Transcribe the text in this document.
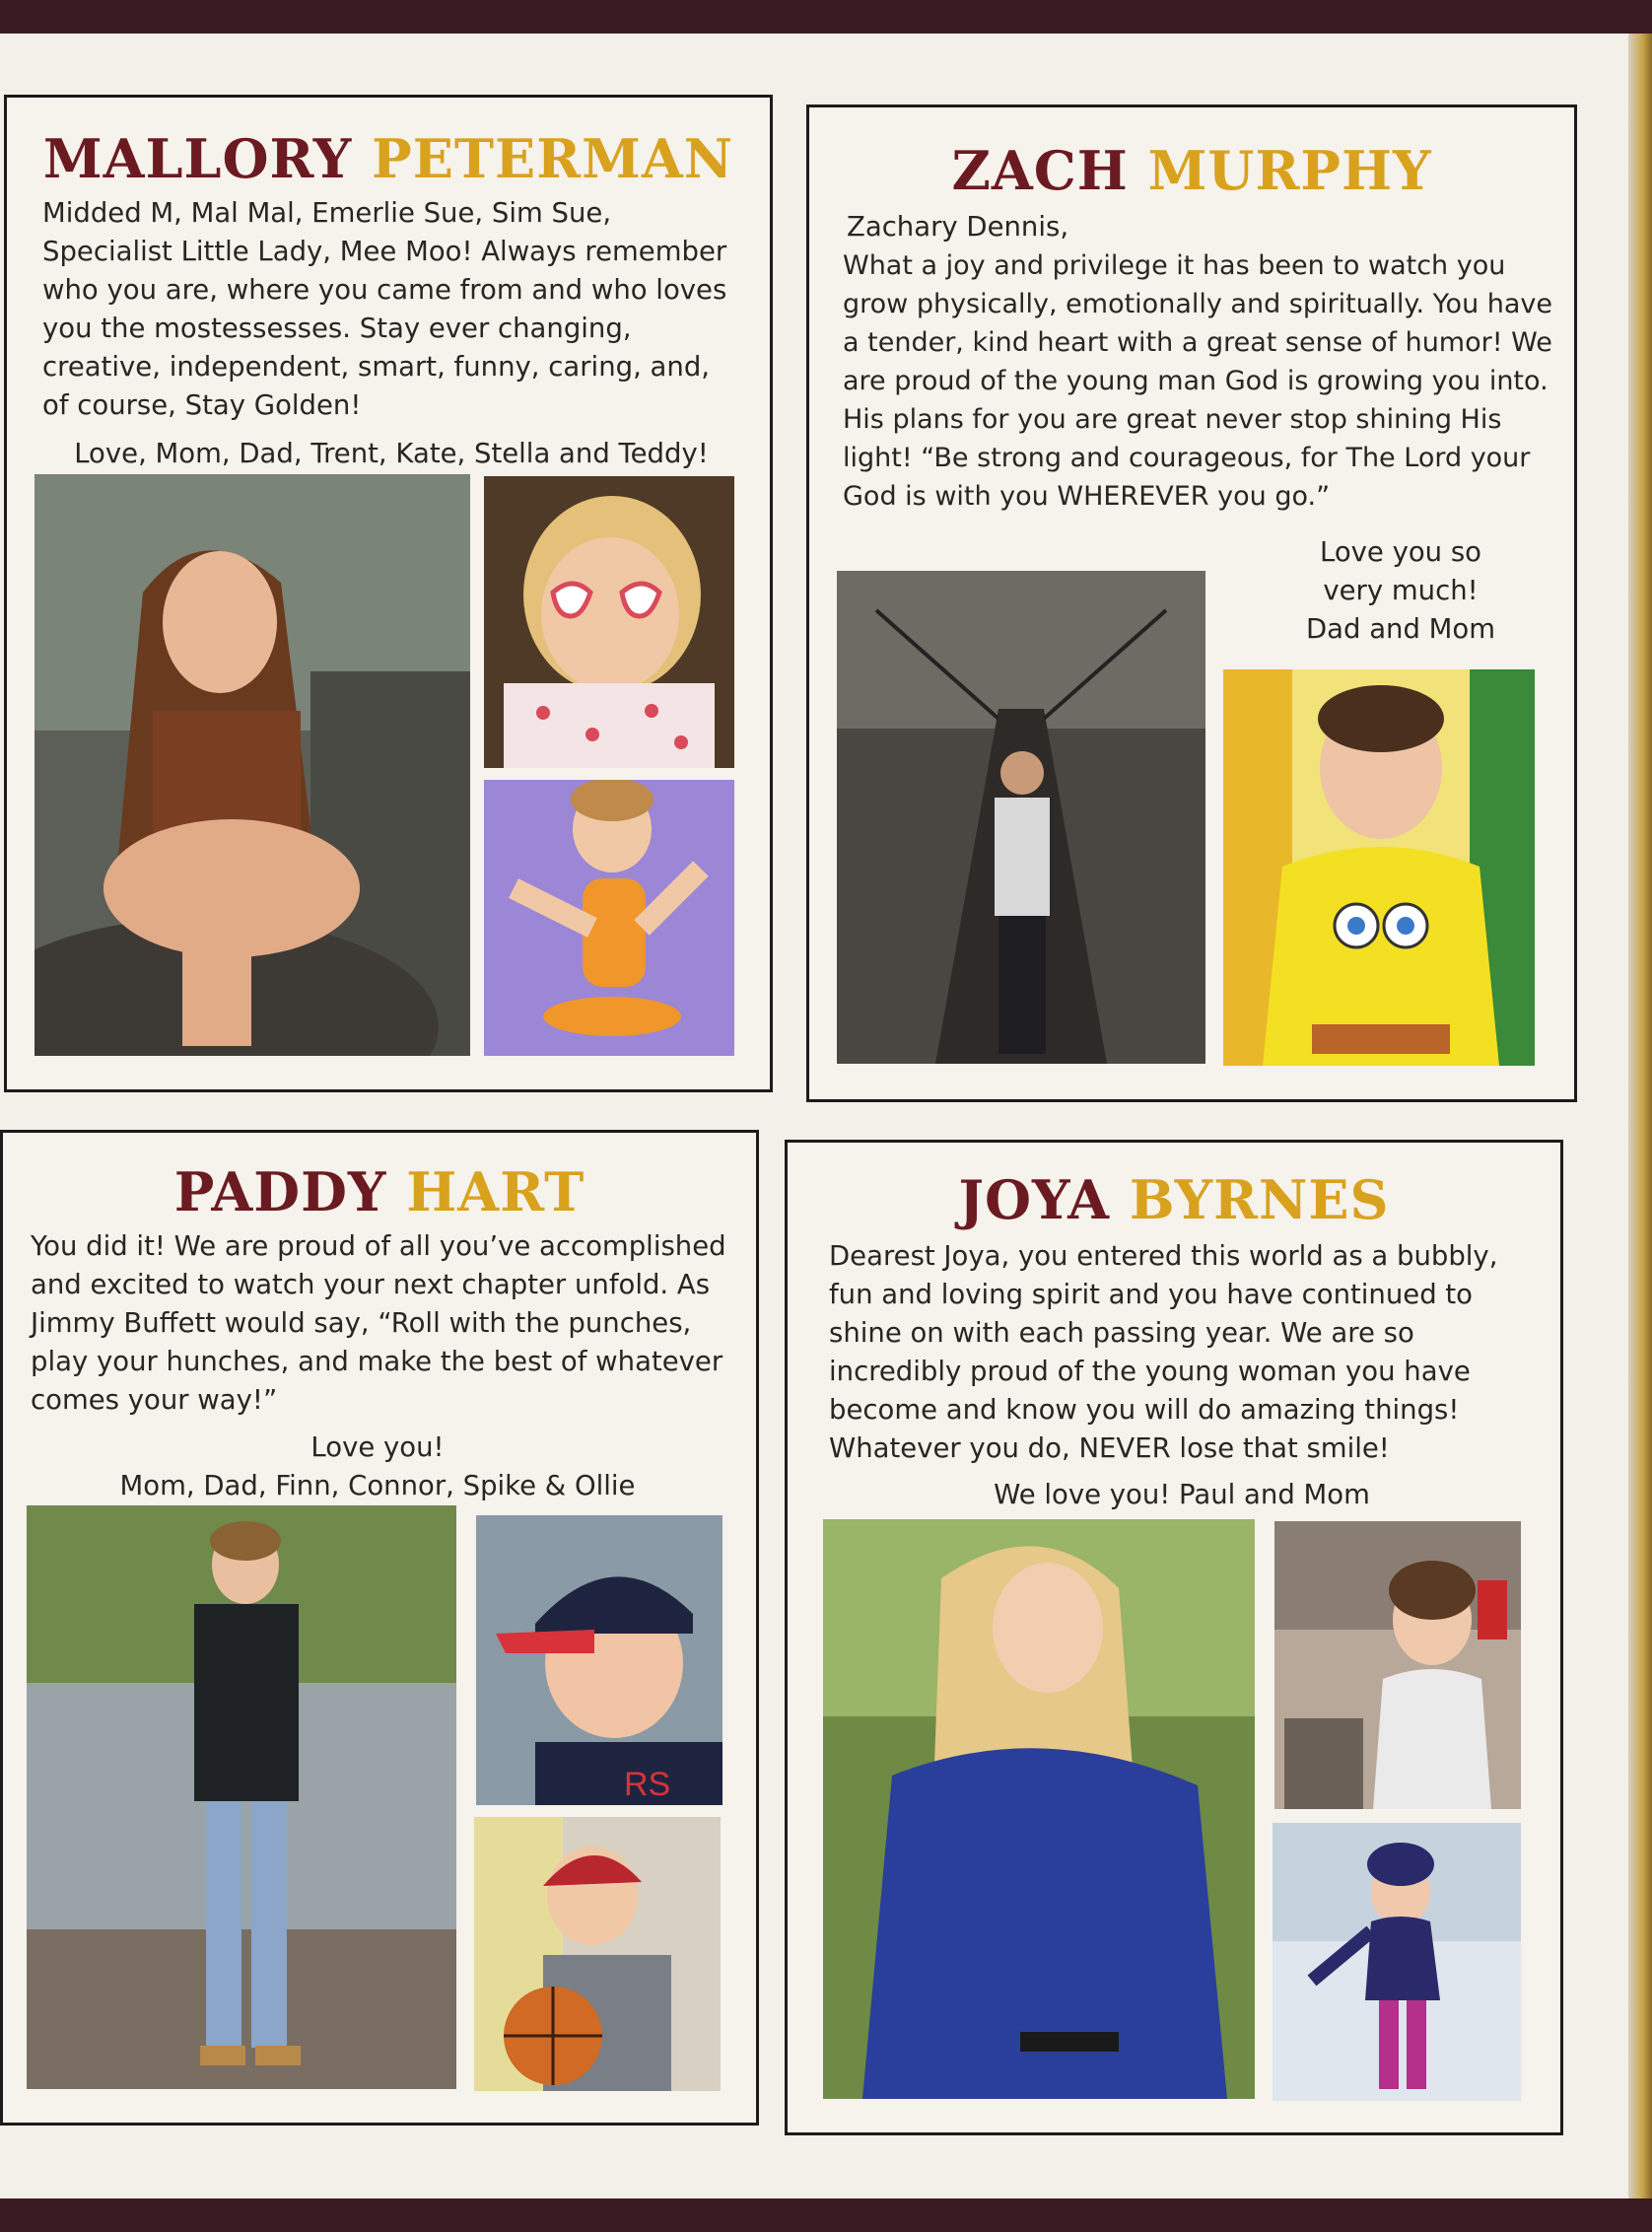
MALLORY PETERMAN
Midded M, Mal Mal, Emerlie Sue, Sim Sue, Specialist Little Lady, Mee Moo! Always remember who you are, where you came from and who loves you the mostessesses. Stay ever changing, creative, independent, smart, funny, caring, and, of course, Stay Golden!
Love, Mom, Dad, Trent, Kate, Stella and Teddy!
ZACH MURPHY
Zachary Dennis,
What a joy and privilege it has been to watch you grow physically, emotionally and spiritually. You have a tender, kind heart with a great sense of humor! We are proud of the young man God is growing you into. His plans for you are great never stop shining His light! “Be strong and courageous, for The Lord your God is with you WHEREVER you go.”
Love you so
very much!
Dad and Mom
PADDY HART
You did it! We are proud of all you’ve accomplished and excited to watch your next chapter unfold. As Jimmy Buffett would say, “Roll with the punches, play your hunches, and make the best of whatever comes your way!”
Love you!
Mom, Dad, Finn, Connor, Spike & Ollie
RS
JOYA BYRNES
Dearest Joya, you entered this world as a bubbly, fun and loving spirit and you have continued to shine on with each passing year. We are so incredibly proud of the young woman you have become and know you will do amazing things! Whatever you do, NEVER lose that smile!
We love you! Paul and Mom
